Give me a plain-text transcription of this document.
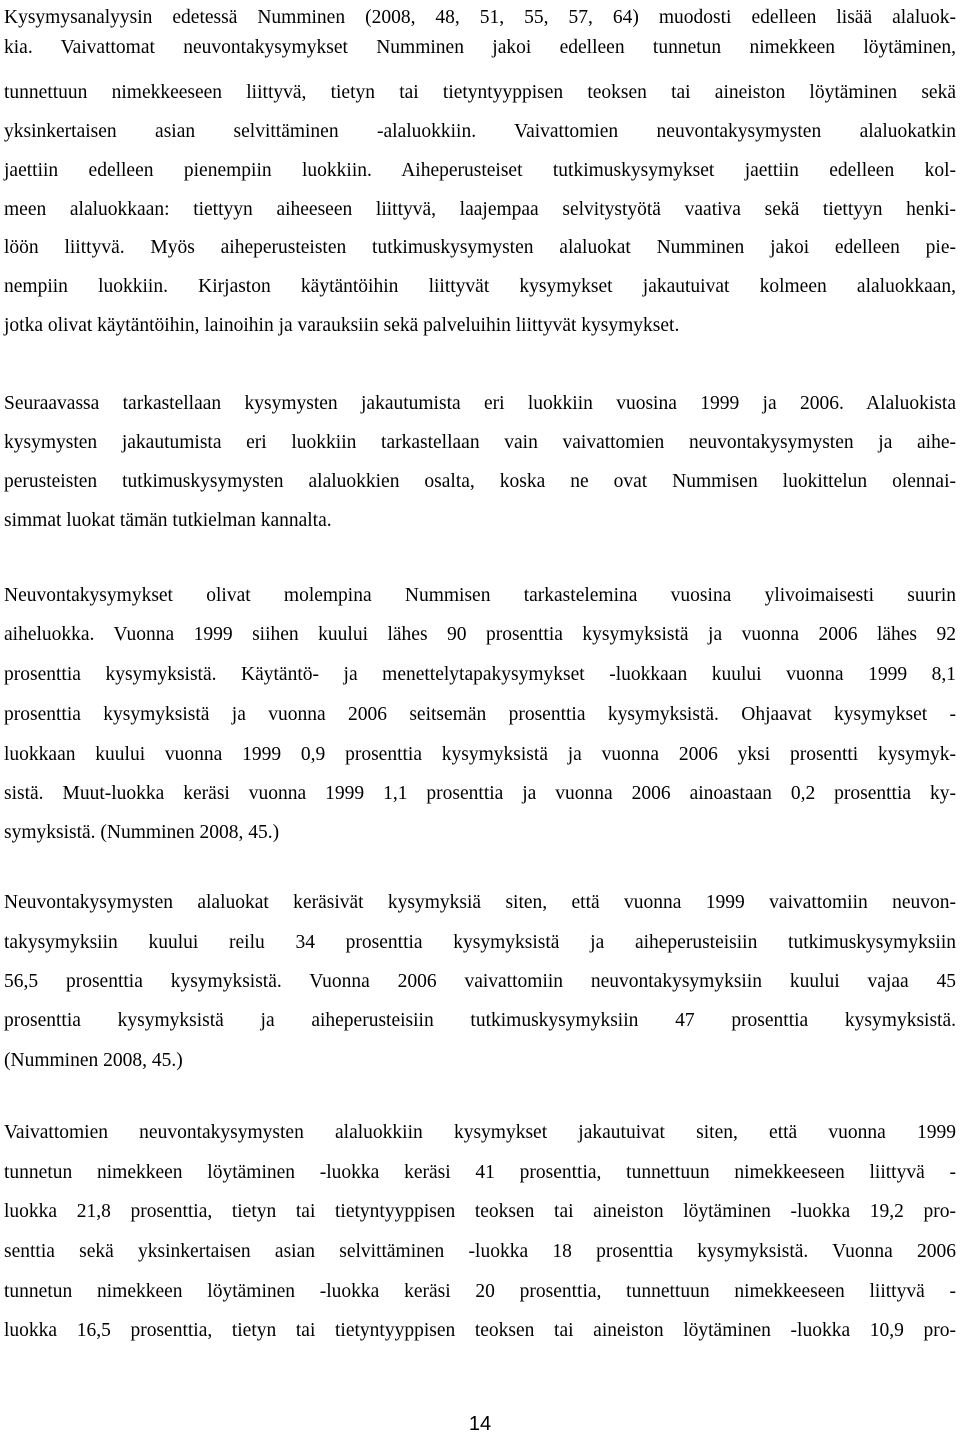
Kysymysanalyysin edetessä Numminen (2008, 48, 51, 55, 57, 64) muodosti edelleen lisää alaluok-
kia. Vaivattomat neuvontakysymykset Numminen jakoi edelleen tunnetun nimekkeen löytäminen,
tunnettuun nimekkeeseen liittyvä, tietyn tai tietyntyyppisen teoksen tai aineiston löytäminen sekä
yksinkertaisen asian selvittäminen -alaluokkiin. Vaivattomien neuvontakysymysten alaluokatkin
jaettiin edelleen pienempiin luokkiin. Aiheperusteiset tutkimuskysymykset jaettiin edelleen kol-
meen alaluokkaan: tiettyyn aiheeseen liittyvä, laajempaa selvitystyötä vaativa sekä tiettyyn henki-
löön liittyvä. Myös aiheperusteisten tutkimuskysymysten alaluokat Numminen jakoi edelleen pie-
nempiin luokkiin. Kirjaston käytäntöihin liittyvät kysymykset jakautuivat kolmeen alaluokkaan,
jotka olivat käytäntöihin, lainoihin ja varauksiin sekä palveluihin liittyvät kysymykset.
Seuraavassa tarkastellaan kysymysten jakautumista eri luokkiin vuosina 1999 ja 2006. Alaluokista
kysymysten jakautumista eri luokkiin tarkastellaan vain vaivattomien neuvontakysymysten ja aihe-
perusteisten tutkimuskysymysten alaluokkien osalta, koska ne ovat Nummisen luokittelun olennai-
simmat luokat tämän tutkielman kannalta.
Neuvontakysymykset olivat molempina Nummisen tarkastelemina vuosina ylivoimaisesti suurin
aiheluokka. Vuonna 1999 siihen kuului lähes 90 prosenttia kysymyksistä ja vuonna 2006 lähes 92
prosenttia kysymyksistä. Käytäntö- ja menettelytapakysymykset -luokkaan kuului vuonna 1999 8,1
prosenttia kysymyksistä ja vuonna 2006 seitsemän prosenttia kysymyksistä. Ohjaavat kysymykset -
luokkaan kuului vuonna 1999 0,9 prosenttia kysymyksistä ja vuonna 2006 yksi prosentti kysymyk-
sistä. Muut-luokka keräsi vuonna 1999 1,1 prosenttia ja vuonna 2006 ainoastaan 0,2 prosenttia ky-
symyksistä. (Numminen 2008, 45.)
Neuvontakysymysten alaluokat keräsivät kysymyksiä siten, että vuonna 1999 vaivattomiin neuvon-
takysymyksiin kuului reilu 34 prosenttia kysymyksistä ja aiheperusteisiin tutkimuskysymyksiin
56,5 prosenttia kysymyksistä. Vuonna 2006 vaivattomiin neuvontakysymyksiin kuului vajaa 45
prosenttia kysymyksistä ja aiheperusteisiin tutkimuskysymyksiin 47 prosenttia kysymyksistä.
(Numminen 2008, 45.)
Vaivattomien neuvontakysymysten alaluokkiin kysymykset jakautuivat siten, että vuonna 1999
tunnetun nimekkeen löytäminen -luokka keräsi 41 prosenttia, tunnettuun nimekkeeseen liittyvä -
luokka 21,8 prosenttia, tietyn tai tietyntyyppisen teoksen tai aineiston löytäminen -luokka 19,2 pro-
senttia sekä yksinkertaisen asian selvittäminen -luokka 18 prosenttia kysymyksistä. Vuonna 2006
tunnetun nimekkeen löytäminen -luokka keräsi 20 prosenttia, tunnettuun nimekkeeseen liittyvä -
luokka 16,5 prosenttia, tietyn tai tietyntyyppisen teoksen tai aineiston löytäminen -luokka 10,9 pro-
14
